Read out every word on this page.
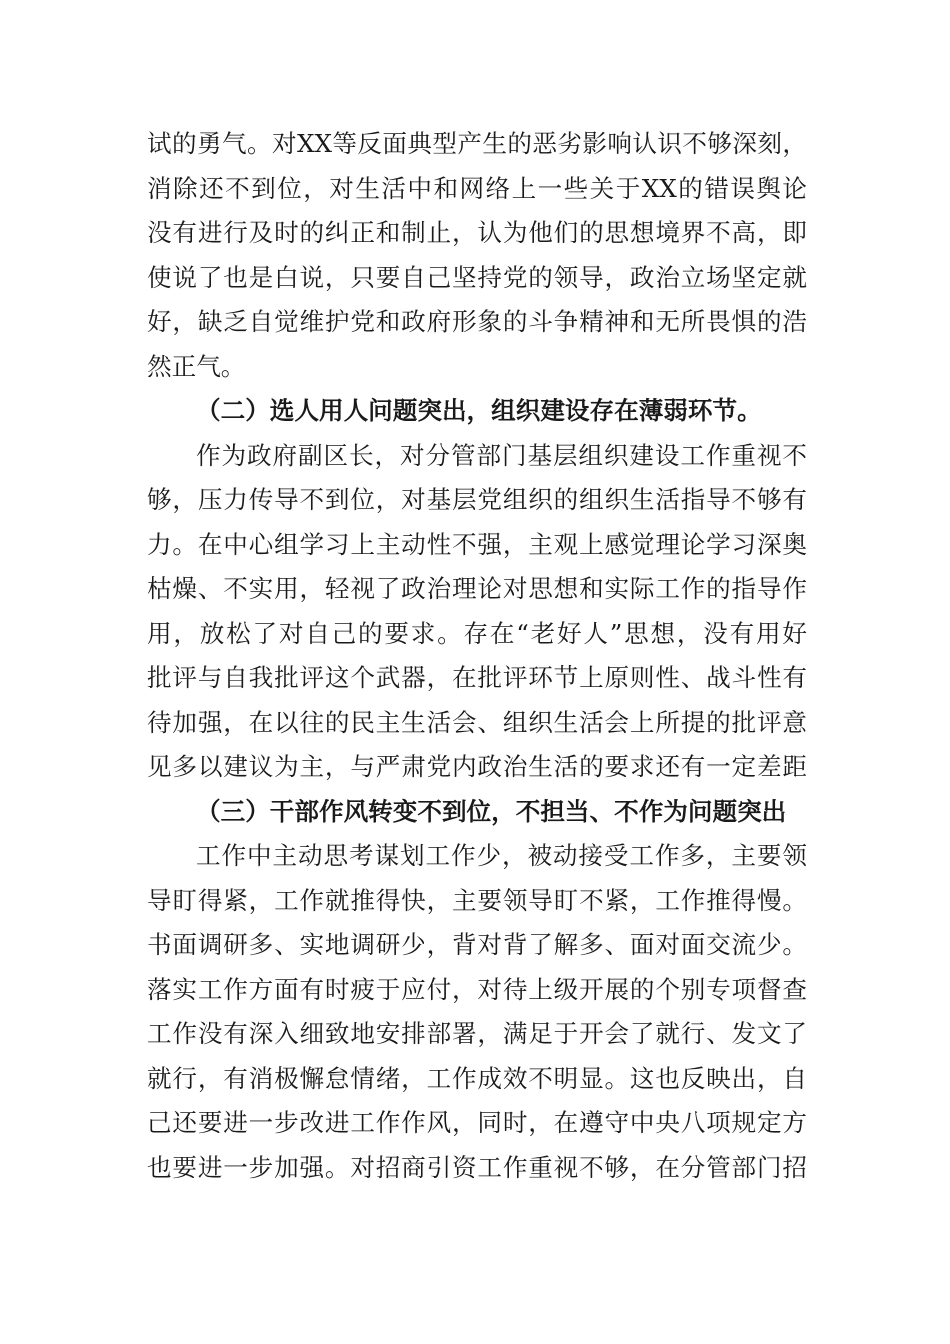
试的勇气。对XX等反面典型产生的恶劣影响认识不够深刻，
消除还不到位，对生活中和网络上一些关于XX的错误舆论
没有进行及时的纠正和制止，认为他们的思想境界不高，即
使说了也是白说，只要自己坚持党的领导，政治立场坚定就
好，缺乏自觉维护党和政府形象的斗争精神和无所畏惧的浩
然正气。
（二）选人用人问题突出，组织建设存在薄弱环节。
作为政府副区长，对分管部门基层组织建设工作重视不
够，压力传导不到位，对基层党组织的组织生活指导不够有
力。在中心组学习上主动性不强，主观上感觉理论学习深奥
枯燥、不实用，轻视了政治理论对思想和实际工作的指导作
用，放松了对自己的要求。存在“老好人”思想，没有用好
批评与自我批评这个武器，在批评环节上原则性、战斗性有
待加强，在以往的民主生活会、组织生活会上所提的批评意
见多以建议为主，与严肃党内政治生活的要求还有一定差距
（三）干部作风转变不到位，不担当、不作为问题突出
工作中主动思考谋划工作少，被动接受工作多，主要领
导盯得紧，工作就推得快，主要领导盯不紧，工作推得慢。
书面调研多、实地调研少，背对背了解多、面对面交流少。
落实工作方面有时疲于应付，对待上级开展的个别专项督查
工作没有深入细致地安排部署，满足于开会了就行、发文了
就行，有消极懈怠情绪，工作成效不明显。这也反映出，自
己还要进一步改进工作作风，同时，在遵守中央八项规定方
也要进一步加强。对招商引资工作重视不够，在分管部门招
